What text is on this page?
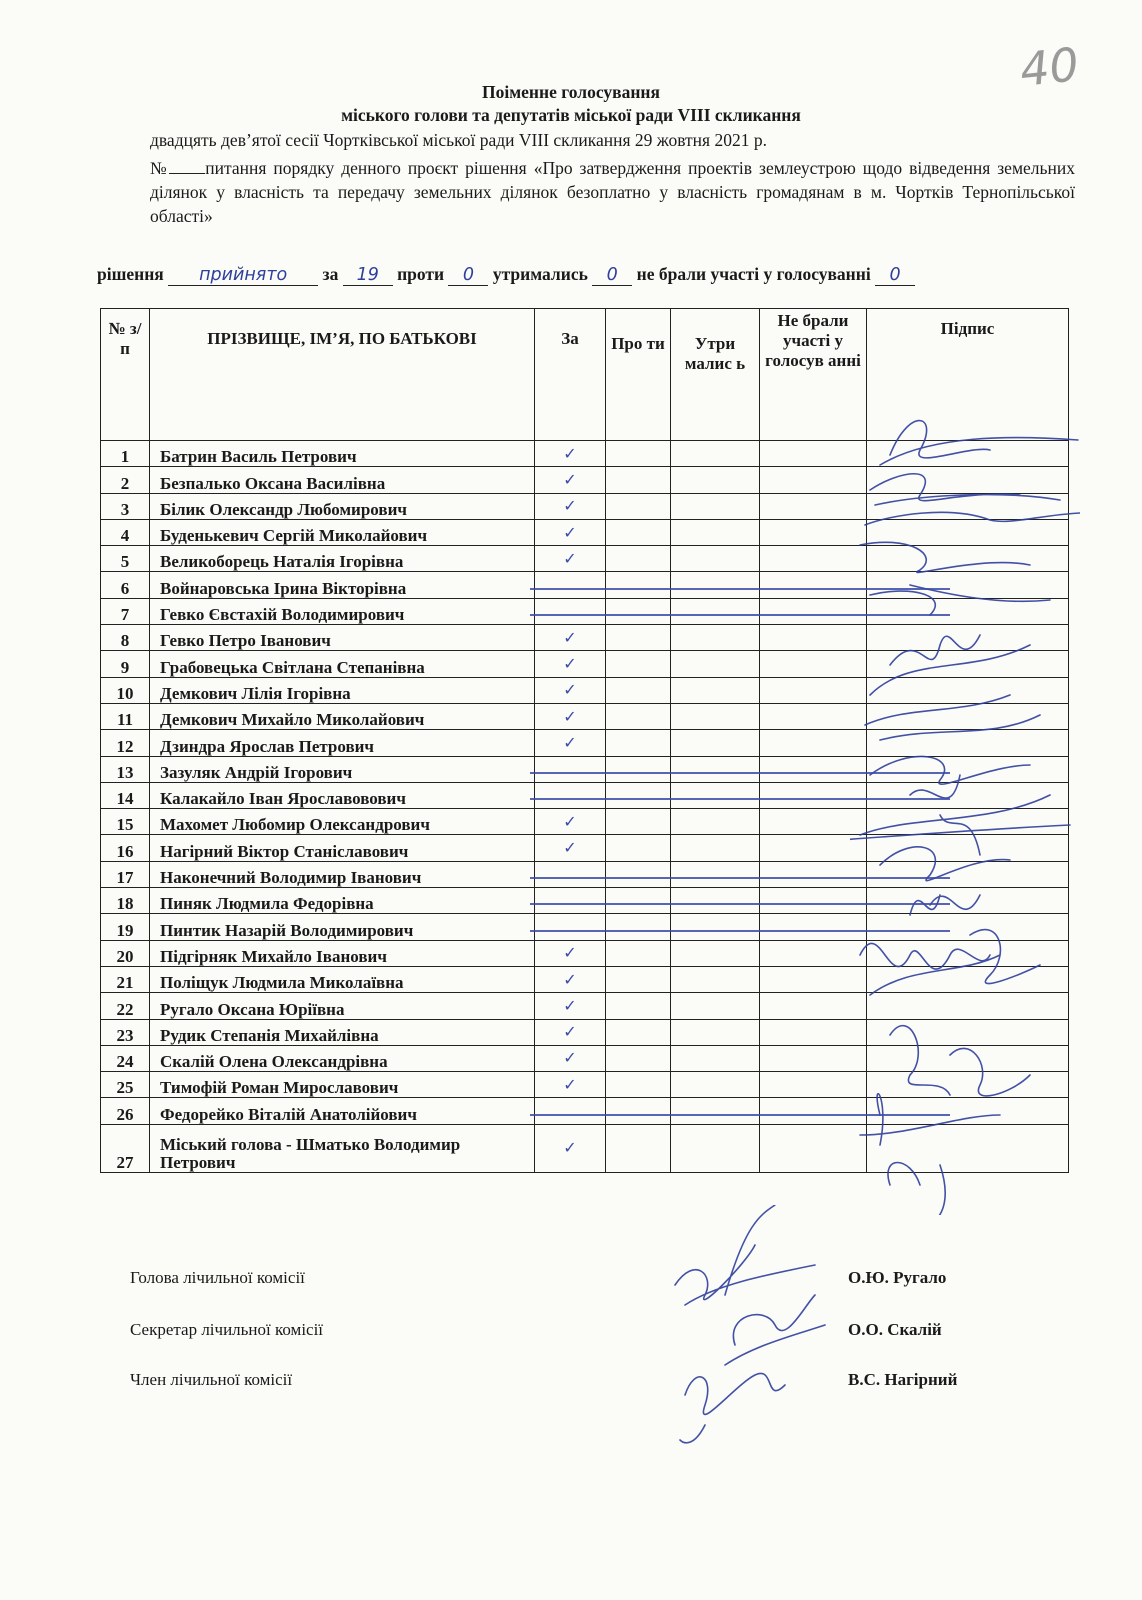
40
Поіменне голосування
міського голови та депутатів міської ради VIII скликання
двадцять дев’ятої сесії Чортківської міської ради VIII скликання 29 жовтня 2021 р.
№ питання порядку денного проєкт рішення «Про затвердження проектів землеустрою щодо відведення земельних ділянок у власність та передачу земельних ділянок безоплатно у власність громадянам в м. Чортків Тернопільської області»
рішення прийнято за 19 проти 0 утримались 0 не брали участі у голосуванні 0
№ з/п	ПРІЗВИЩЕ, ІМ’Я, ПО БАТЬКОВІ	За	Про ти	Утри малис ь	Не брали участі у голосув анні	Підпис
1	Батрин Василь Петрович	✓				
2	Безпалько Оксана Василівна	✓				
3	Білик Олександр Любомирович	✓				
4	Буденькевич Сергій Миколайович	✓				
5	Великоборець Наталія Ігорівна	✓				
6	Войнаровська Ірина Вікторівна					
7	Гевко Євстахій Володимирович					
8	Гевко Петро Іванович	✓				
9	Грабовецька Світлана Степанівна	✓				
10	Демкович Лілія Ігорівна	✓				
11	Демкович Михайло Миколайович	✓				
12	Дзиндра Ярослав Петрович	✓				
13	Зазуляк Андрій Ігорович					
14	Калакайло Іван Ярославовович					
15	Махомет Любомир Олександрович	✓				
16	Нагірний Віктор Станіславович	✓				
17	Наконечний Володимир Іванович					
18	Пиняк Людмила Федорівна					
19	Пинтик Назарій Володимирович					
20	Підгірняк Михайло Іванович	✓				
21	Поліщук Людмила Миколаївна	✓				
22	Ругало Оксана Юріївна	✓				
23	Рудик Степанія Михайлівна	✓				
24	Скалій Олена Олександрівна	✓				
25	Тимофій Роман Мирославович	✓				
26	Федорейко Віталій Анатолійович					
27	Міський голова - Шматько Володимир Петрович	✓				
Голова лічильної комісії	О.Ю. Ругало
Секретар лічильної комісії	О.О. Скалій
Член лічильної комісії	В.С. Нагірний
